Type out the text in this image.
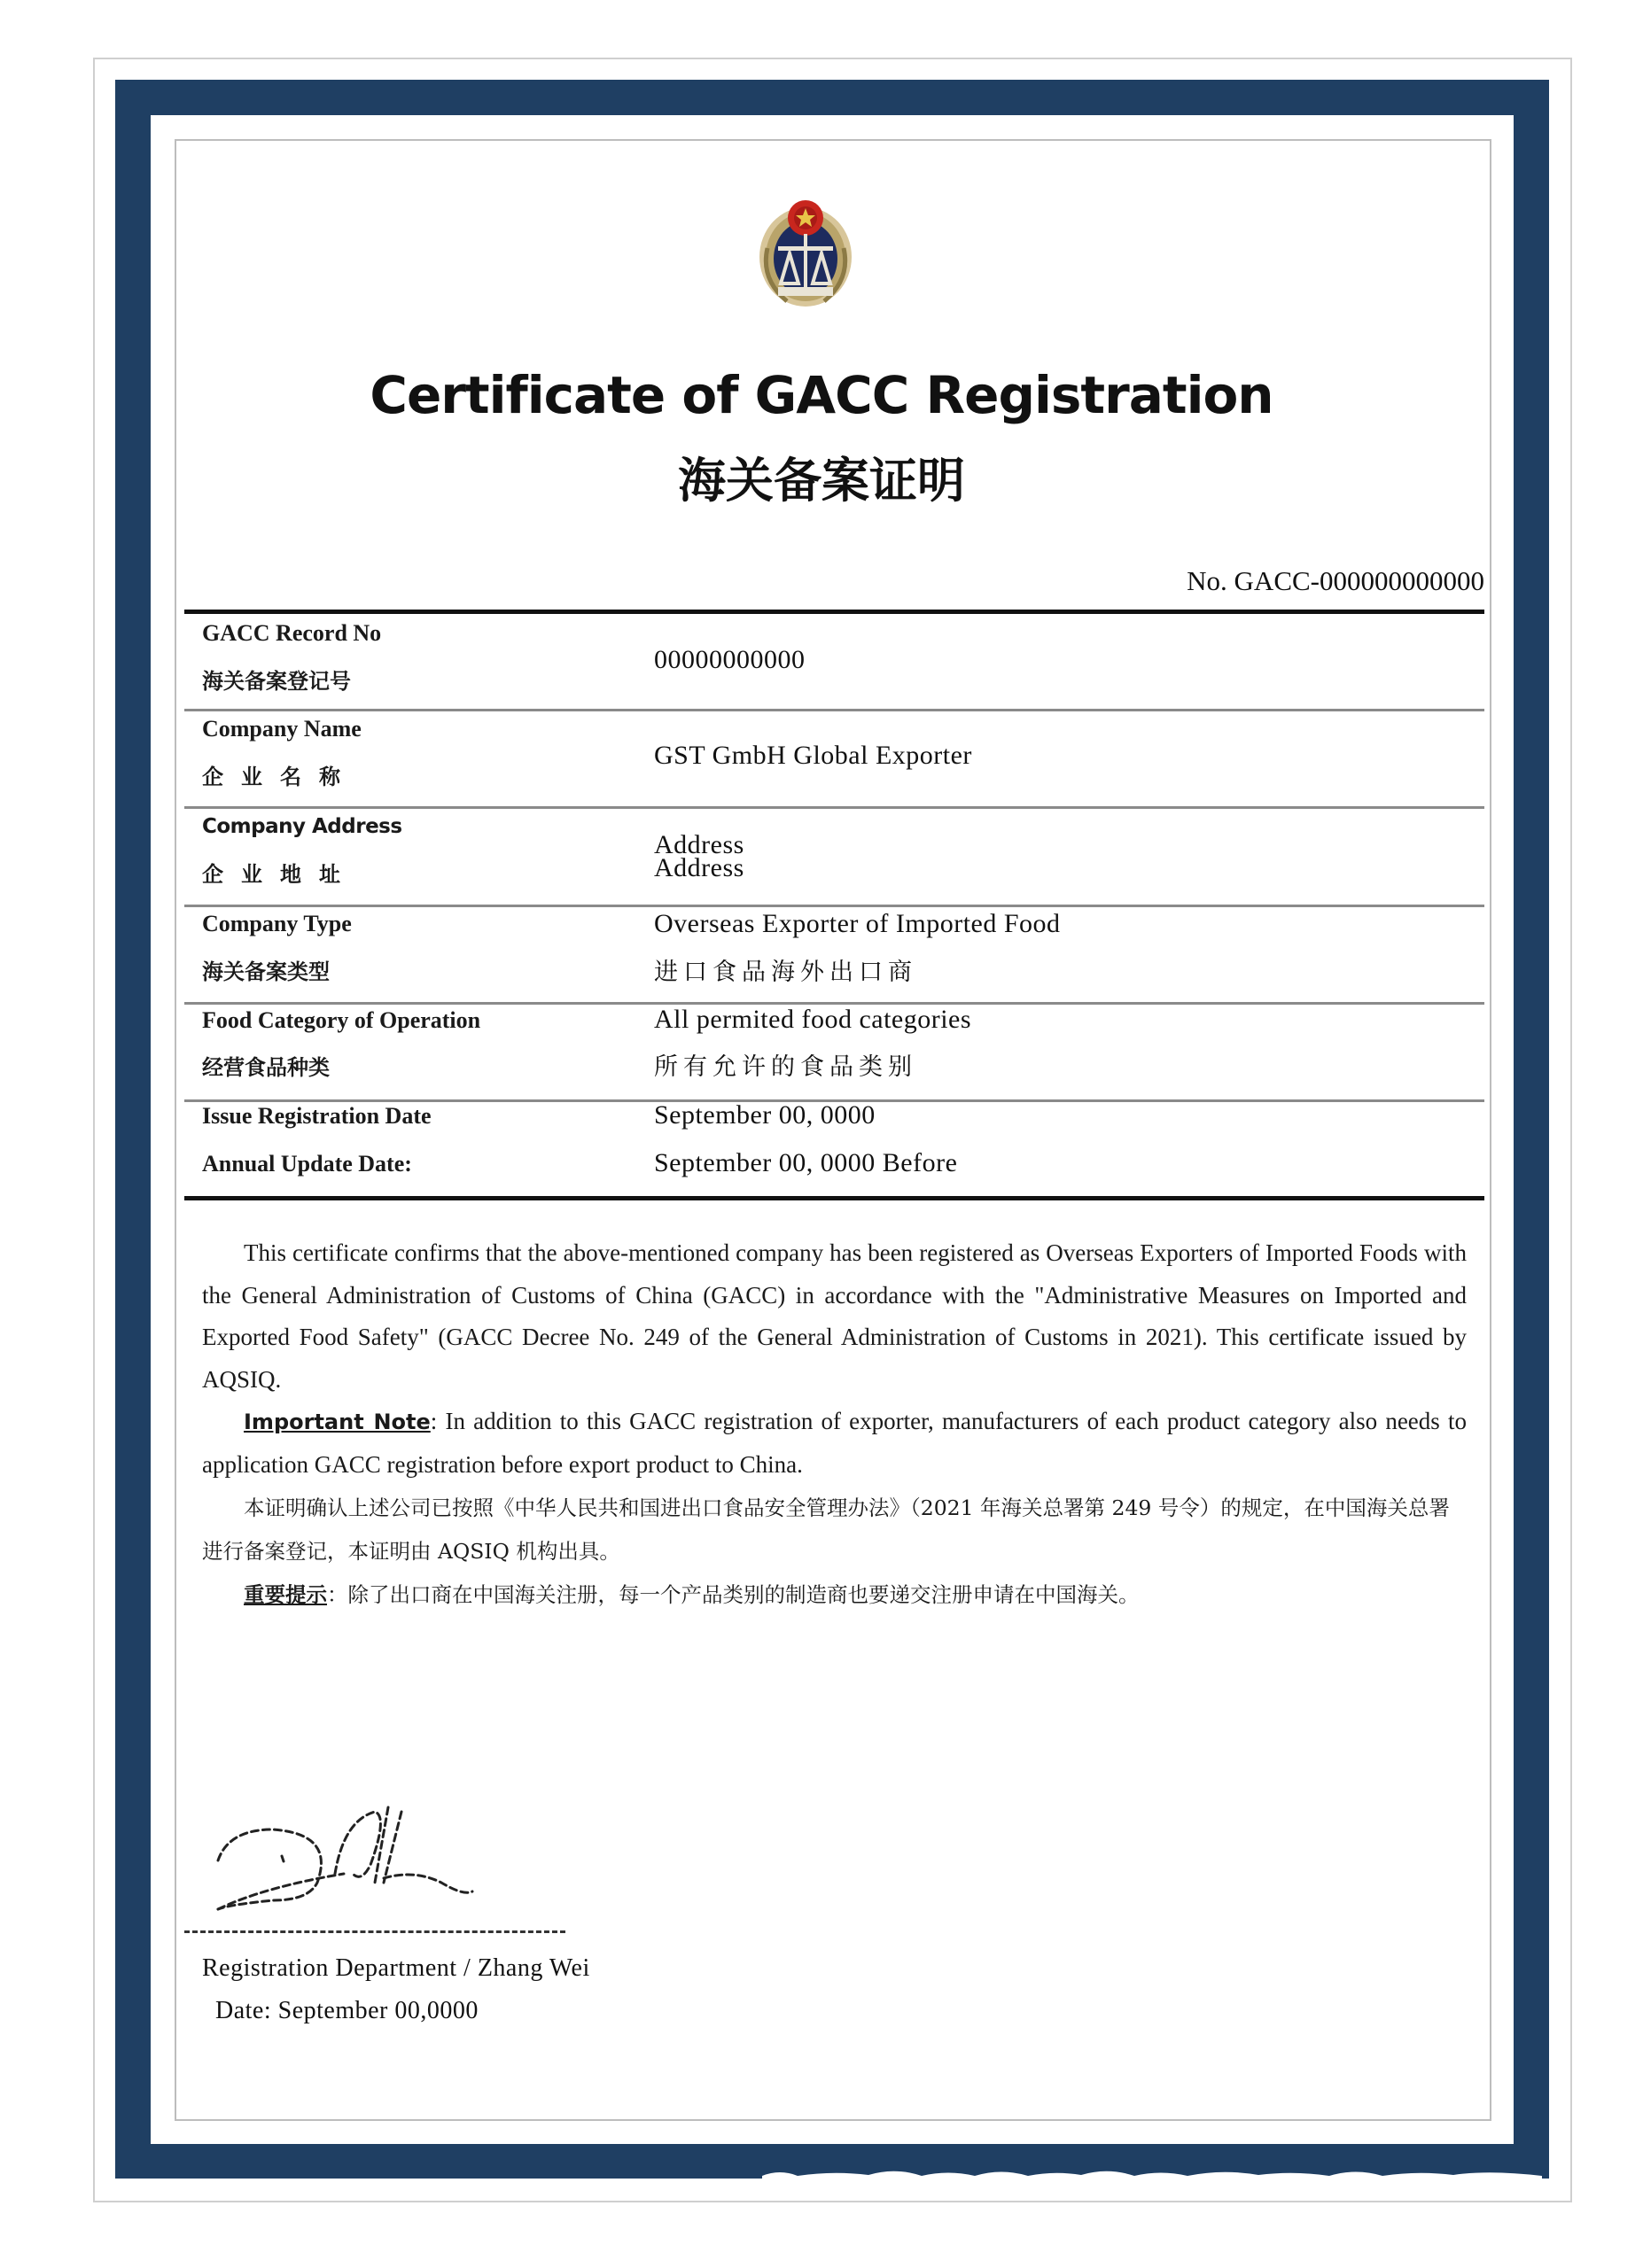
Certificate of GACC Registration
海关备案证明
No. GACC-000000000000
GACC Record No
海关备案登记号
00000000000
Company Name
企业名称
GST GmbH Global Exporter
Company Address
企业地址
Address
Address
Company Type
海关备案类型
Overseas Exporter of Imported Food
进口食品海外出口商
Food Category of Operation
经营食品种类
All permited food categories
所有允许的食品类别
Issue Registration Date
Annual Update Date:
September 00, 0000
September 00, 0000 Before

This certificate confirms that the above-mentioned company has been registered as Overseas Exporters of Imported Foods with the General Administration of Customs of China (GACC) in accordance with the "Administrative Measures on Imported and Exported Food Safety" (GACC Decree No. 249 of the General Administration of Customs in 2021). This certificate issued by AQSIQ.

Important Note: In addition to this GACC registration of exporter, manufacturers of each product category also needs to application GACC registration before export product to China.

本证明确认上述公司已按照《中华人民共和国进出口食品安全管理办法》（2021 年海关总署第 249 号令）的规定，在中国海关总署进行备案登记，本证明由 AQSIQ 机构出具。

重要提示：除了出口商在中国海关注册，每一个产品类别的制造商也要递交注册申请在中国海关。

Registration Department / Zhang Wei
Date: September 00,0000
